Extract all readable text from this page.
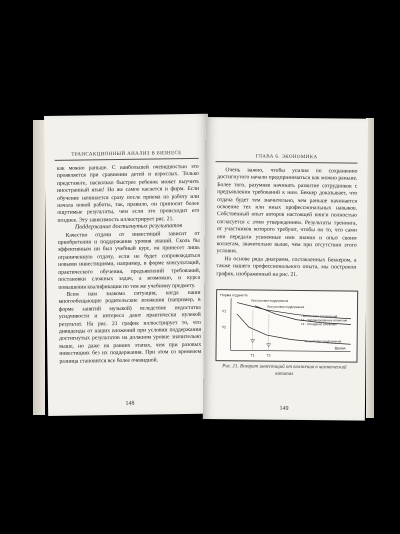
ТРАНСАКЦИОННЫЙ АНАЛИЗ В БИЗНЕСЕ

как можно раньше. С наибольшей очевидностью это проявляется при сравнении детей и взрослых. Только представьте, насколько быстрее ребенок может выучить иностранный язык! Но же самое касается и фирм. Если обучение начинается сразу после приема на работу или начала новой работы, так, правило, он приносит более ощутимые результаты, чем если это происходит его позднее. Эту зависимость иллюстрирует рис. 21.

Поддержание достигнутых результатов

Качество отдачи от инвестиций зависит от приобретения и поддержания уровня знаний. Сколь бы эффективным ни был учебный курс, он принесет лишь ограниченную отдачу, если не будет сопровождаться новыми инвестициями, например, в форме консультаций, практического обучения, предъявлений требований, постановки сложных задач, а возможно, и курса повышения квалификации по тем же учебному предмету.

Всем нам знакома ситуация, когда наши многообещающие родительские вложения (например, в форме занятий музыкой) вследствие недостатка усидчивости и интереса дают практически нулевой результат. На рис. 21 график иллюстрирует то, что дивиденды от наших вложений при условии поддержания достигнутых результатов на должном уровне значительно выше, но даже на ранних этапах, чем при разовых инвестициях без их поддержания. При этом со временем разница становится все более очевидной.

148
ГЛАВА 6. ЭКОНОМИКА

Очень важно, чтобы усилия по сохранению достигнутого начали предприниматься как можно раньше. Более того, разумнее начинать развитие сотрудников с предъявления требований к ним. Беккер доказывает, что отдача будет тем значительно, чем раньше начинается освоение тех или иных профессиональных навыков. Собственный опыт авторов настоящей книги полностью согласуется с этим утверждением. Результаты тренинга, от участников которого требуют, чтобы он то, что сами они передали усвоенные ими знания и опыт своим коллегам, значительно выше, чем при отсутствии этого условия.

На основе ряда диаграмм, составленных Беккером, а также нашего профессионального опыта, мы построили график, изображенный на рис. 21.

Норма отдачи %
Время
V1
V2
T1	T2
При условии поддержания
При условии поддержания
Без условия поддержания
- Количество затраченной
T1 - Запланированные вложения
T2 - Опоздание вложения
Рис. 21. Возврат инвестиций от вложения в человеческий капитал
149
